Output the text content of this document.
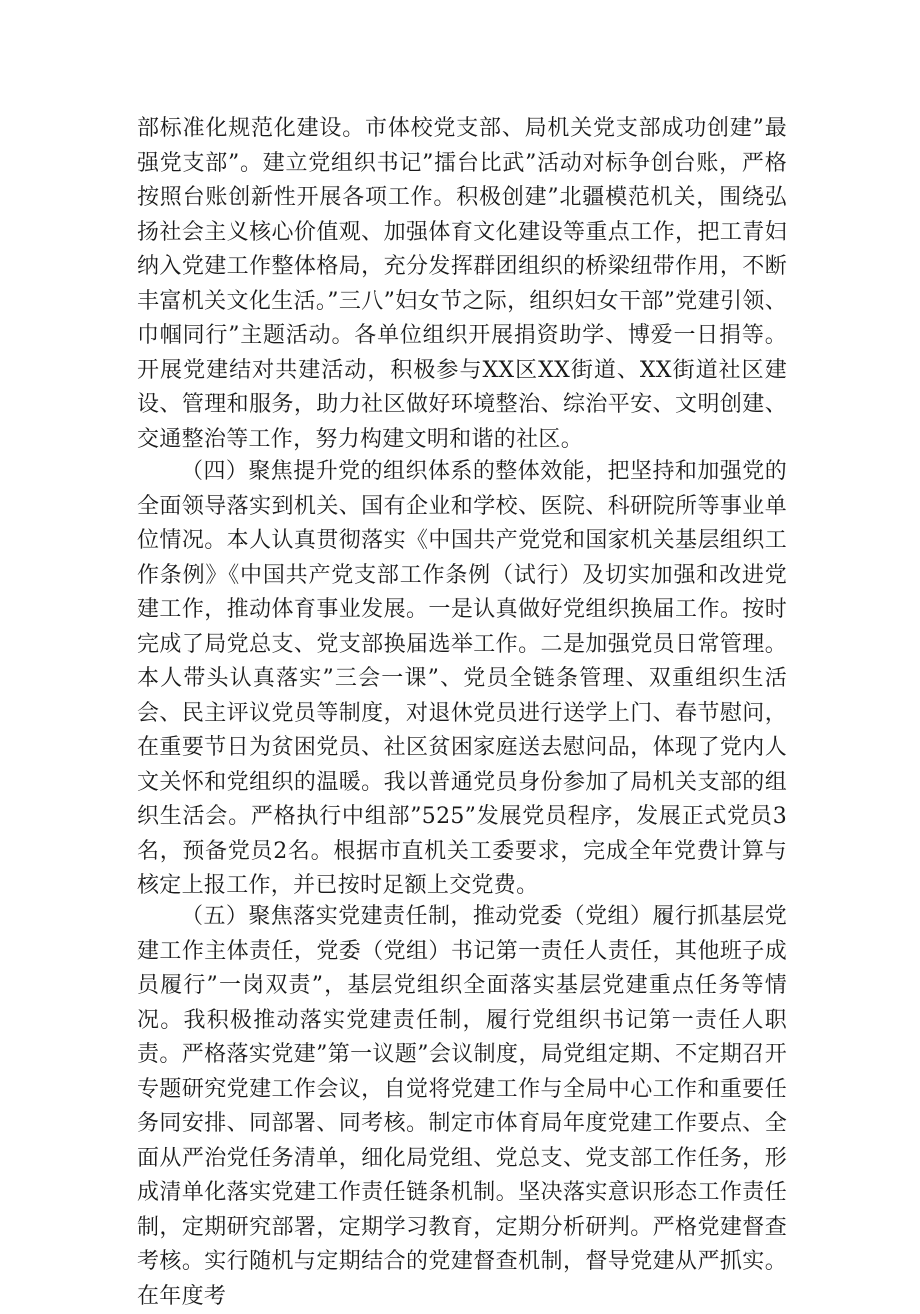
部标准化规范化建设。市体校党支部、局机关党支部成功创建”最强党支部”。建立党组织书记”擂台比武”活动对标争创台账，严格按照台账创新性开展各项工作。积极创建”北疆模范机关，围绕弘扬社会主义核心价值观、加强体育文化建设等重点工作，把工青妇纳入党建工作整体格局，充分发挥群团组织的桥梁纽带作用，不断丰富机关文化生活。”三八”妇女节之际，组织妇女干部”党建引领、巾帼同行”主题活动。各单位组织开展捐资助学、博爱一日捐等。开展党建结对共建活动，积极参与XX区XX街道、XX街道社区建设、管理和服务，助力社区做好环境整治、综治平安、文明创建、交通整治等工作，努力构建文明和谐的社区。
（四）聚焦提升党的组织体系的整体效能，把坚持和加强党的全面领导落实到机关、国有企业和学校、医院、科研院所等事业单位情况。本人认真贯彻落实《中国共产党党和国家机关基层组织工作条例》《中国共产党支部工作条例（试行）及切实加强和改进党建工作，推动体育事业发展。一是认真做好党组织换届工作。按时完成了局党总支、党支部换届选举工作。二是加强党员日常管理。本人带头认真落实”三会一课”、党员全链条管理、双重组织生活会、民主评议党员等制度，对退休党员进行送学上门、春节慰问，在重要节日为贫困党员、社区贫困家庭送去慰问品，体现了党内人文关怀和党组织的温暖。我以普通党员身份参加了局机关支部的组织生活会。严格执行中组部”525”发展党员程序，发展正式党员3名，预备党员2名。根据市直机关工委要求，完成全年党费计算与核定上报工作，并已按时足额上交党费。
（五）聚焦落实党建责任制，推动党委（党组）履行抓基层党建工作主体责任，党委（党组）书记第一责任人责任，其他班子成员履行”一岗双责”，基层党组织全面落实基层党建重点任务等情况。我积极推动落实党建责任制，履行党组织书记第一责任人职责。严格落实党建”第一议题”会议制度，局党组定期、不定期召开专题研究党建工作会议，自觉将党建工作与全局中心工作和重要任务同安排、同部署、同考核。制定市体育局年度党建工作要点、全面从严治党任务清单，细化局党组、党总支、党支部工作任务，形成清单化落实党建工作责任链条机制。坚决落实意识形态工作责任制，定期研究部署，定期学习教育，定期分析研判。严格党建督查考核。实行随机与定期结合的党建督查机制，督导党建从严抓实。在年度考
